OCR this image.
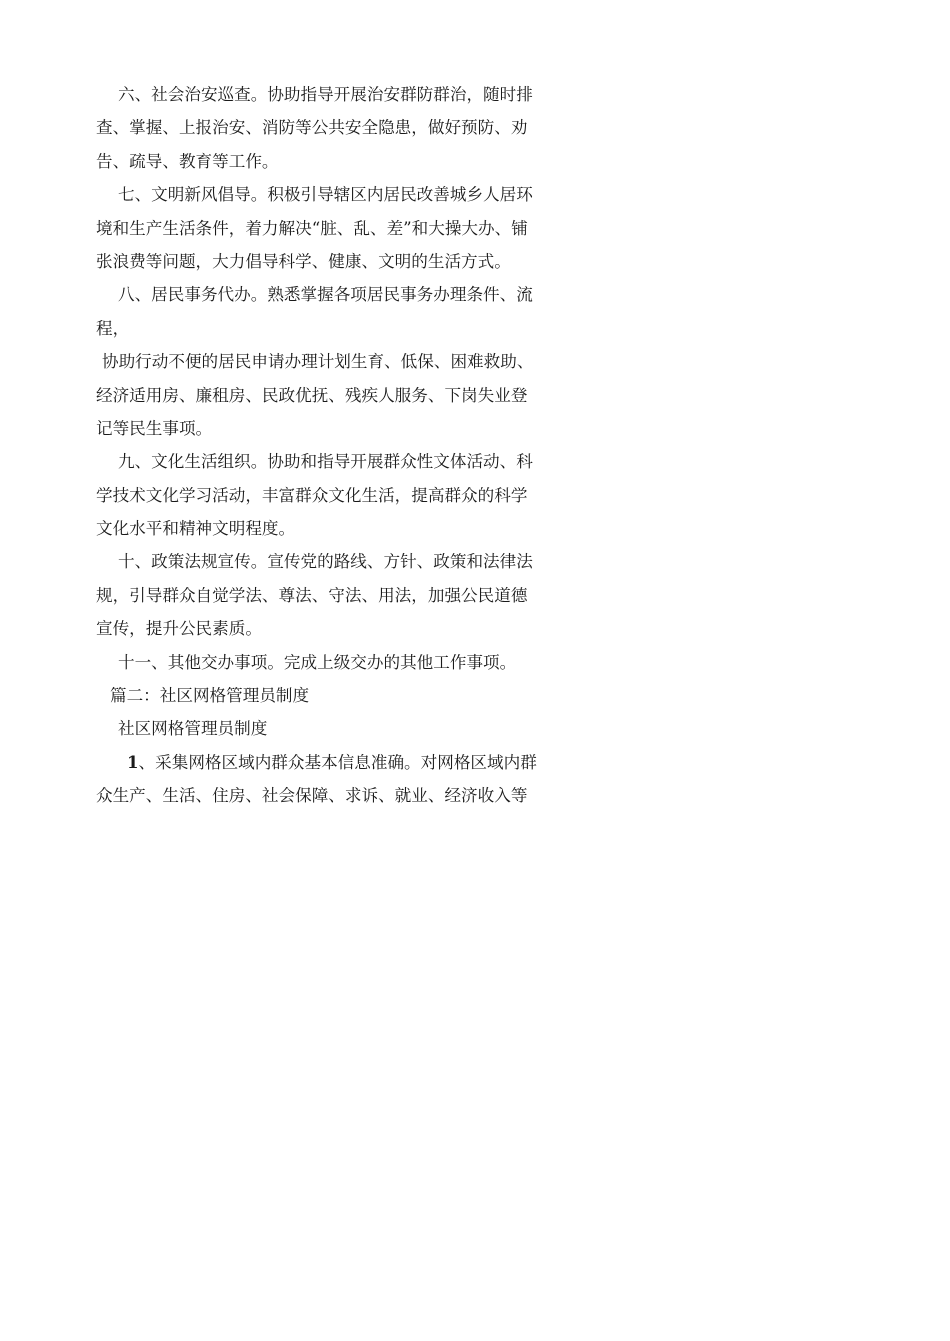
六、社会治安巡查。协助指导开展治安群防群治，随时排
查、掌握、上报治安、消防等公共安全隐患，做好预防、劝
告、疏导、教育等工作。
七、文明新风倡导。积极引导辖区内居民改善城乡人居环
境和生产生活条件，着力解决“脏、乱、差”和大操大办、铺
张浪费等问题，大力倡导科学、健康、文明的生活方式。
八、居民事务代办。熟悉掌握各项居民事务办理条件、流
程，
协助行动不便的居民申请办理计划生育、低保、困难救助、
经济适用房、廉租房、民政优抚、残疾人服务、下岗失业登
记等民生事项。
九、文化生活组织。协助和指导开展群众性文体活动、科
学技术文化学习活动，丰富群众文化生活，提高群众的科学
文化水平和精神文明程度。
十、政策法规宣传。宣传党的路线、方针、政策和法律法
规，引导群众自觉学法、尊法、守法、用法，加强公民道德
宣传，提升公民素质。
十一、其他交办事项。完成上级交办的其他工作事项。
篇二：社区网格管理员制度
社区网格管理员制度
1、采集网格区域内群众基本信息准确。对网格区域内群
众生产、生活、住房、社会保障、求诉、就业、经济收入等
